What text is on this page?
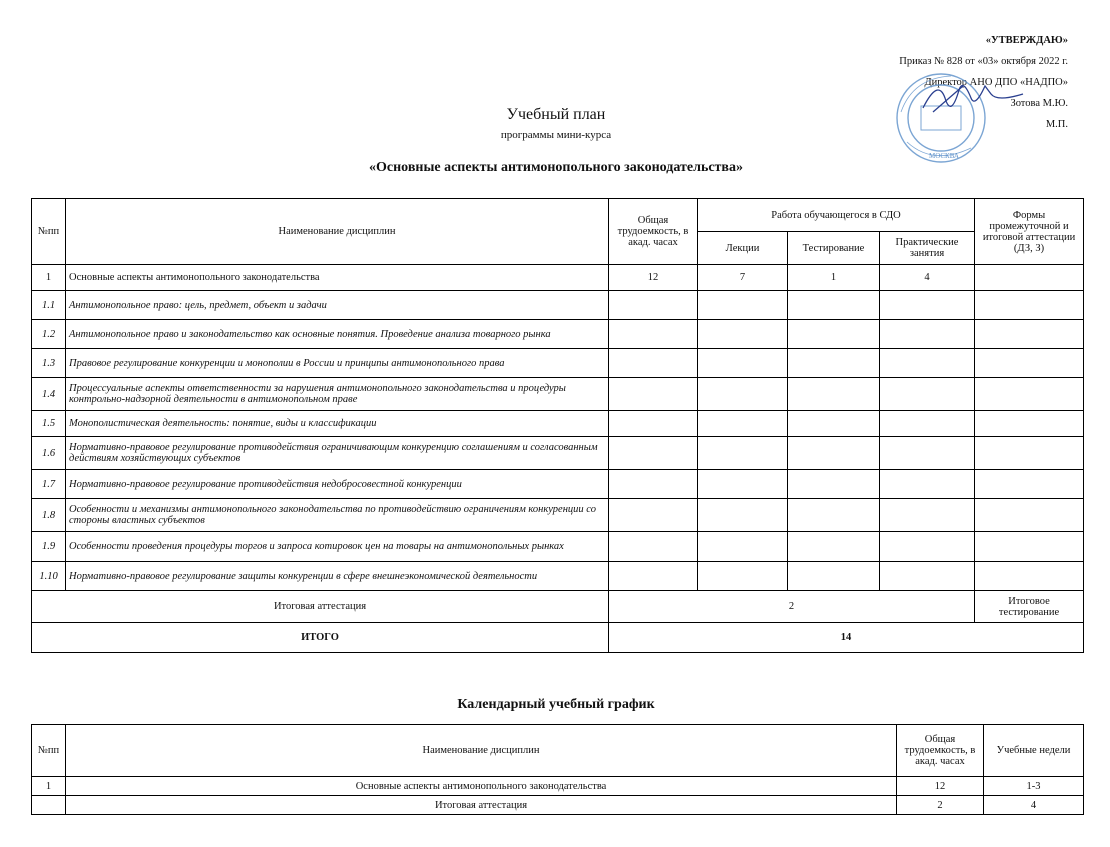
«УТВЕРЖДАЮ»
Приказ № 828 от «03» октября 2022 г.
Директор АНО ДПО «НАДПО»
Зотова М.Ю.
М.П.
МОСКВА
Учебный план
программы мини-курса
«Основные аспекты антимонопольного законодательства»
№пп	Наименование дисциплин	Общая трудоемкость, в акад. часах	Работа обучающегося в СДО			Формы промежуточной и итоговой аттестации (ДЗ, З)
			Лекции	Тестирование	Практические занятия	
1	Основные аспекты антимонопольного законодательства	12	7	1	4	
1.1	Антимонопольное право: цель, предмет, объект и задачи					
1.2	Антимонопольное право и законодательство как основные понятия. Проведение анализа товарного рынка					
1.3	Правовое регулирование конкуренции и монополии в России и принципы антимонопольного права					
1.4	Процессуальные аспекты ответственности за нарушения антимонопольного законодательства и процедуры контрольно-надзорной деятельности в антимонопольном праве					
1.5	Монополистическая деятельность: понятие, виды и классификации					
1.6	Нормативно-правовое регулирование противодействия ограничивающим конкуренцию соглашениям и согласованным действиям хозяйствующих субъектов					
1.7	Нормативно-правовое регулирование противодействия недобросовестной конкуренции					
1.8	Особенности и механизмы антимонопольного законодательства по противодействию ограничениям конкуренции со стороны властных субъектов					
1.9	Особенности проведения процедуры торгов и запроса котировок цен на товары на антимонопольных рынках					
1.10	Нормативно-правовое регулирование защиты конкуренции в сфере внешнеэкономической деятельности					
Итоговая аттестация		2				Итоговое тестирование
ИТОГО		14				
Календарный учебный график
№пп	Наименование дисциплин	Общая трудоемкость, в акад. часах	Учебные недели
1	Основные аспекты антимонопольного законодательства	12	1-3
	Итоговая аттестация	2	4
